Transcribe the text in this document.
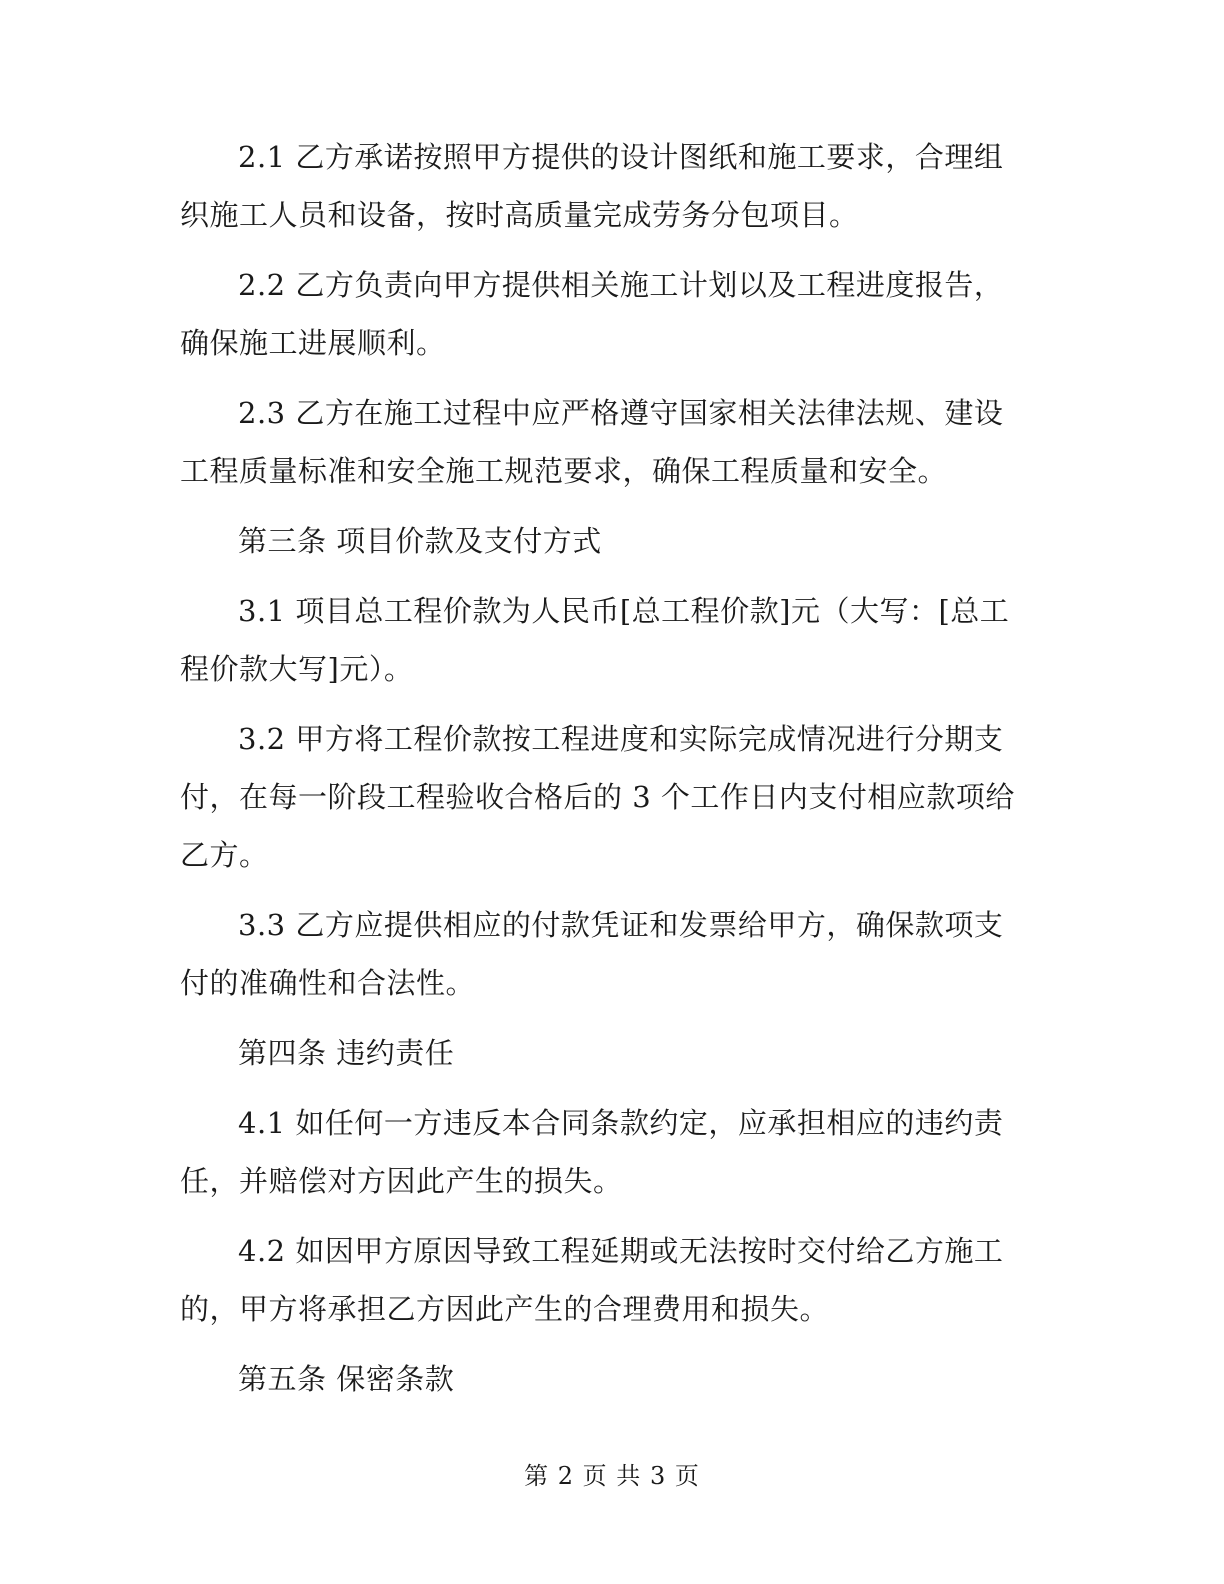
2.1 乙方承诺按照甲方提供的设计图纸和施工要求，合理组织施工人员和设备，按时高质量完成劳务分包项目。

2.2 乙方负责向甲方提供相关施工计划以及工程进度报告，确保施工进展顺利。

2.3 乙方在施工过程中应严格遵守国家相关法律法规、建设工程质量标准和安全施工规范要求，确保工程质量和安全。

第三条 项目价款及支付方式

3.1 项目总工程价款为人民币[总工程价款]元（大写：[总工程价款大写]元）。

3.2 甲方将工程价款按工程进度和实际完成情况进行分期支付，在每一阶段工程验收合格后的 3 个工作日内支付相应款项给乙方。

3.3 乙方应提供相应的付款凭证和发票给甲方，确保款项支付的准确性和合法性。

第四条 违约责任

4.1 如任何一方违反本合同条款约定，应承担相应的违约责任，并赔偿对方因此产生的损失。

4.2 如因甲方原因导致工程延期或无法按时交付给乙方施工的，甲方将承担乙方因此产生的合理费用和损失。

第五条 保密条款

第 2 页 共 3 页
